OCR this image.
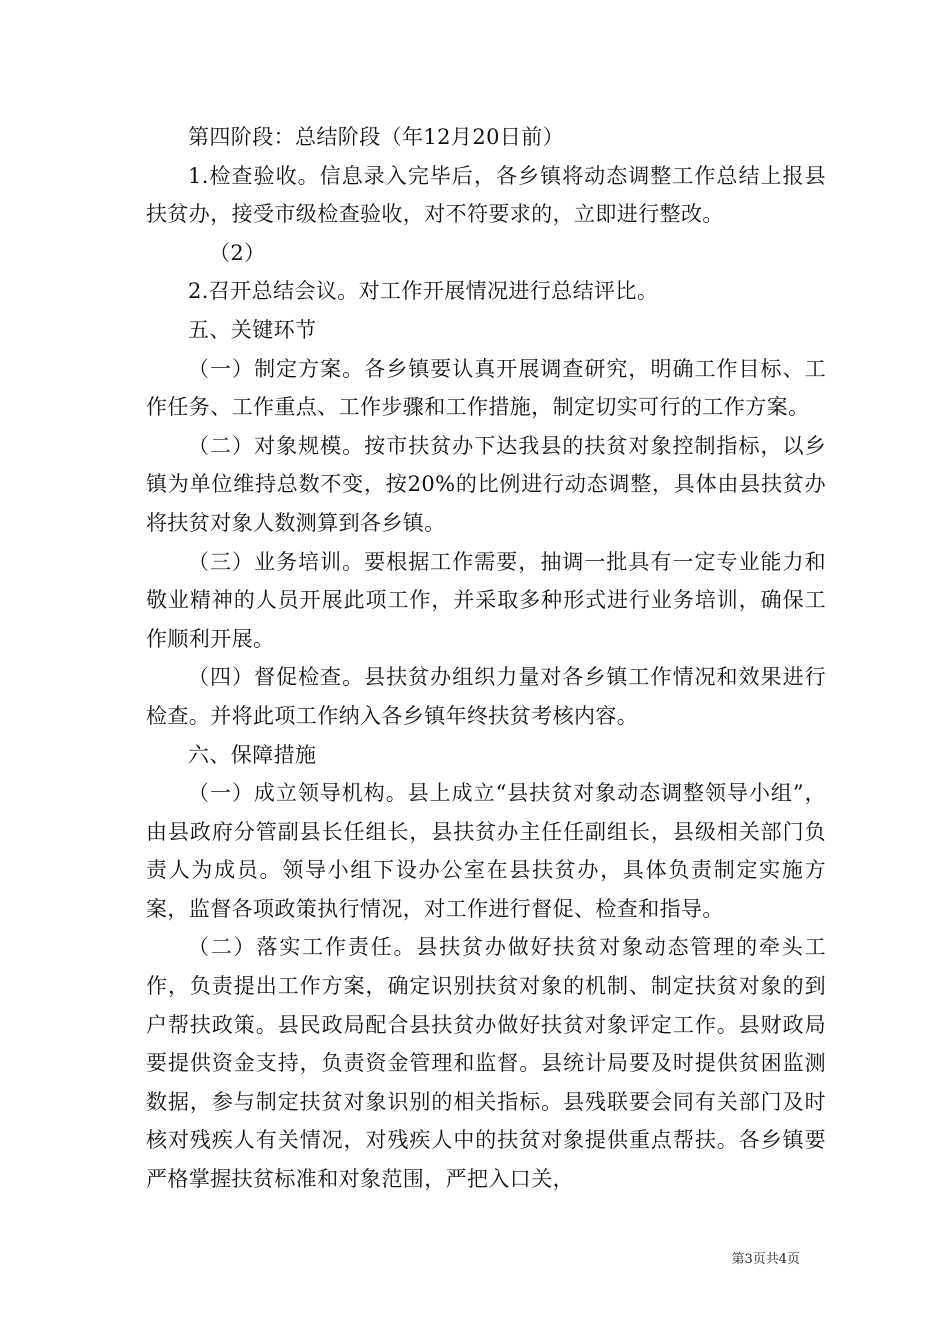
第四阶段：总结阶段（年12月20日前）

1.检查验收。信息录入完毕后，各乡镇将动态调整工作总结上报县扶贫办，接受市级检查验收，对不符要求的，立即进行整改。

（2）

2.召开总结会议。对工作开展情况进行总结评比。

五、关键环节

（一）制定方案。各乡镇要认真开展调查研究，明确工作目标、工作任务、工作重点、工作步骤和工作措施，制定切实可行的工作方案。

（二）对象规模。按市扶贫办下达我县的扶贫对象控制指标，以乡镇为单位维持总数不变，按20%的比例进行动态调整，具体由县扶贫办将扶贫对象人数测算到各乡镇。

（三）业务培训。要根据工作需要，抽调一批具有一定专业能力和敬业精神的人员开展此项工作，并采取多种形式进行业务培训，确保工作顺利开展。

（四）督促检查。县扶贫办组织力量对各乡镇工作情况和效果进行检查。并将此项工作纳入各乡镇年终扶贫考核内容。

六、保障措施

（一）成立领导机构。县上成立“县扶贫对象动态调整领导小组”，由县政府分管副县长任组长，县扶贫办主任任副组长，县级相关部门负责人为成员。领导小组下设办公室在县扶贫办，具体负责制定实施方案，监督各项政策执行情况，对工作进行督促、检查和指导。

（二）落实工作责任。县扶贫办做好扶贫对象动态管理的牵头工作，负责提出工作方案，确定识别扶贫对象的机制、制定扶贫对象的到户帮扶政策。县民政局配合县扶贫办做好扶贫对象评定工作。县财政局要提供资金支持，负责资金管理和监督。县统计局要及时提供贫困监测数据，参与制定扶贫对象识别的相关指标。县残联要会同有关部门及时核对残疾人有关情况，对残疾人中的扶贫对象提供重点帮扶。各乡镇要严格掌握扶贫标准和对象范围，严把入口关，

第3页共4页
